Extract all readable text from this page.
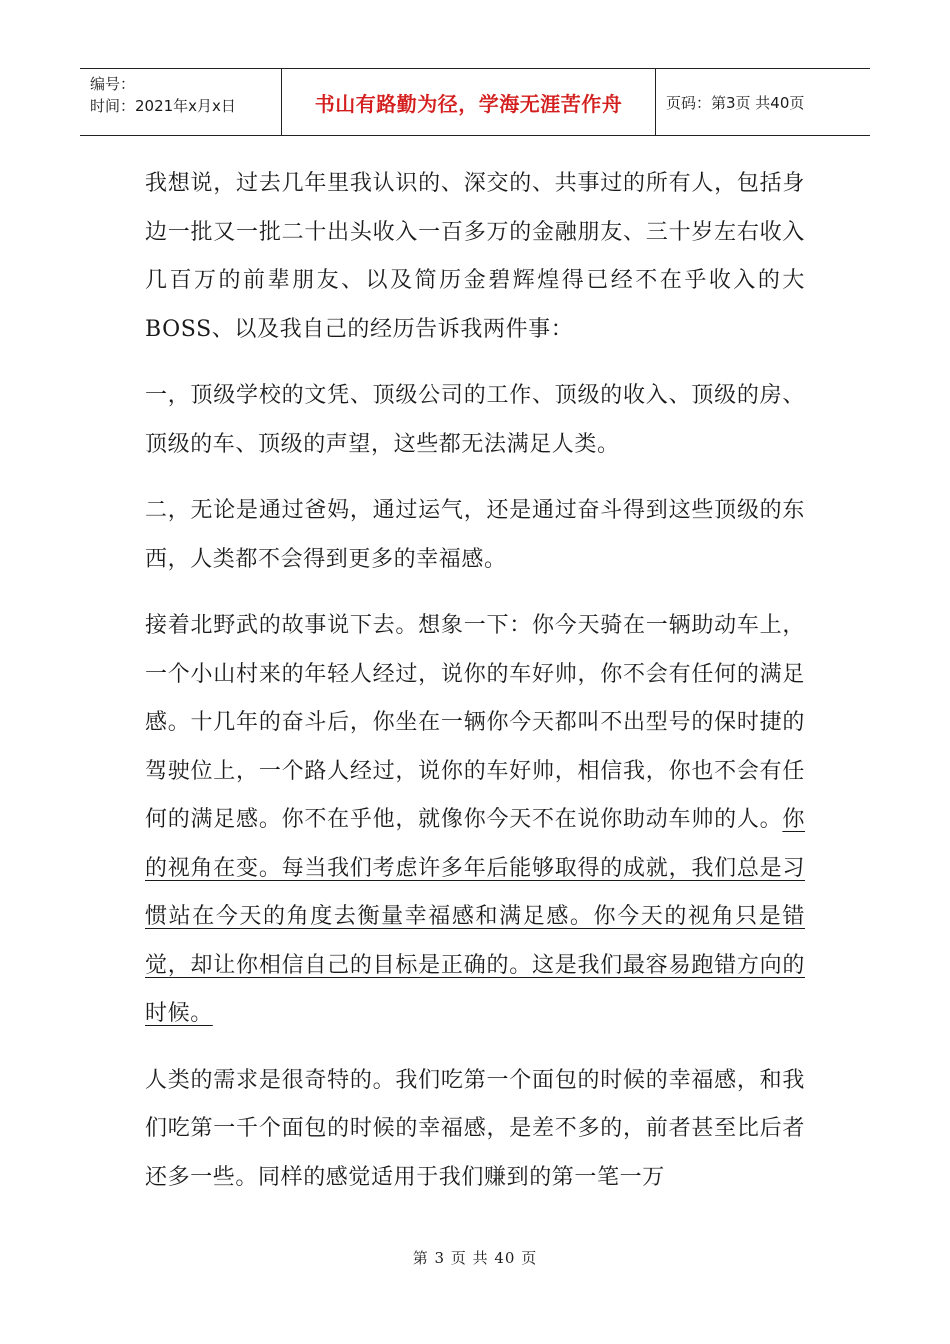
编号：
时间：2021年x月x日	书山有路勤为径，学海无涯苦作舟	页码：第3页 共40页

我想说，过去几年里我认识的、深交的、共事过的所有人，包括身边一批又一批二十出头收入一百多万的金融朋友、三十岁左右收入几百万的前辈朋友、以及简历金碧辉煌得已经不在乎收入的大BOSS、以及我自己的经历告诉我两件事：

一，顶级学校的文凭、顶级公司的工作、顶级的收入、顶级的房、顶级的车、顶级的声望，这些都无法满足人类。

二，无论是通过爸妈，通过运气，还是通过奋斗得到这些顶级的东西，人类都不会得到更多的幸福感。

接着北野武的故事说下去。想象一下：你今天骑在一辆助动车上，一个小山村来的年轻人经过，说你的车好帅，你不会有任何的满足感。十几年的奋斗后，你坐在一辆你今天都叫不出型号的保时捷的驾驶位上，一个路人经过，说你的车好帅，相信我，你也不会有任何的满足感。你不在乎他，就像你今天不在说你助动车帅的人。你的视角在变。每当我们考虑许多年后能够取得的成就，我们总是习惯站在今天的角度去衡量幸福感和满足感。你今天的视角只是错觉，却让你相信自己的目标是正确的。这是我们最容易跑错方向的时候。

人类的需求是很奇特的。我们吃第一个面包的时候的幸福感，和我们吃第一千个面包的时候的幸福感，是差不多的，前者甚至比后者还多一些。同样的感觉适用于我们赚到的第一笔一万

第 3 页 共 40 页
